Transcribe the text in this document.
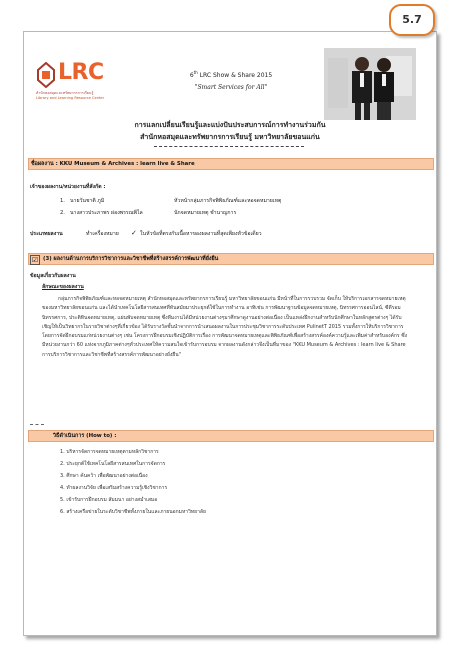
5.7
LRC
สำนักหอสมุดและทรัพยากรการเรียนรู้
Library and Learning Resource Center
6th LRC Show & Share 2015
"Smart Services for All"
การแลกเปลี่ยนเรียนรู้และแบ่งปันประสบการณ์การทำงานร่วมกัน
สำนักหอสมุดและทรัพยากรการเรียนรู้ มหาวิทยาลัยขอนแก่น
ชื่อผลงาน : KKU Museum & Archives : learn live & Share
เจ้าของผลงาน/หน่วยงานที่สังกัด :
1. นายวันชาติ ภูมิ	หัวหน้ากลุ่มภารกิจพิพิธภัณฑ์และหอจดหมายเหตุ
2. นางสาวประภาพร ผ่องพรรณพิไล	นักจดหมายเหตุ ชำนาญการ
ประเภทผลงาน	ทำเครื่องหมาย ✓ ในหัวข้อที่ตรงกับเนื้อหาของผลงานที่สุดเพียงหัวข้อเดียว
(3) ผลงานด้านการบริการวิชาการและวิชาชีพที่สร้างสรรค์การพัฒนาที่ยั่งยืน
☑
ข้อมูลเกี่ยวกับผลงาน
ลักษณะของผลงาน
กลุ่มภารกิจพิพิธภัณฑ์และหอจดหมายเหตุ สำนักหอสมุดและทรัพยากรการเรียนรู้ มหาวิทยาลัยขอนแก่น มีหน้าที่ในการรวบรวม จัดเก็บ ให้บริการเอกสารจดหมายเหตุของมหาวิทยาลัยขอนแก่น และได้นำเทคโนโลยีสารสนเทศที่ทันสมัยมาประยุกต์ใช้ในการทำงาน อาทิเช่น การพัฒนาฐานข้อมูลจดหมายเหตุ, นิทรรศการออนไลน์, ซีดีรอมนิทรรศการ, ประติทินจดหมายเหตุ, แผ่นพับจดหมายเหตุ ซึ่งทีมงานได้มีหน่วยงานต่างๆมาศึกษาดูงานอย่างต่อเนื่อง เป็นแหล่งฝึกงานสำหรับนักศึกษาในหลักสูตรต่างๆ ได้รับเชิญให้เป็นวิทยากรในรายวิชาต่างๆที่เกี่ยวข้อง ได้รับรางวัลชั้นนำจากการนำเสนอผลงานในการประชุมวิชาการระดับประเทศ PulinetT 2015 รวมทั้งการให้บริการวิชาการโดยการจัดฝึกอบรมแก่หน่วยงานต่างๆ เช่น โครงการฝึกอบรมเชิงปฏิบัติการเรื่อง การพัฒนาจดหมายเหตุและพิพิธภัณฑ์เพื่อสร้างสรรค์องค์ความรู้และเพิ่มค่าสำหรับองค์กร ซึ่งมีหน่วยงานกว่า 60 แห่งจากภูมิภาคต่างๆทั่วประเทศให้ความสนใจเข้ารับการอบรม จากผลงานดังกล่าวจึงเป็นที่มาของ "KKU Museum & Archives : learn live & Share การบริการวิชาการและวิชาชีพที่สร้างสรรค์การพัฒนาอย่างยั่งยืน"
วิธีดำเนินการ (How to) :
1. บริหารจัดการจดหมายเหตุตามหลักวิชาการ
2. ประยุกต์ใช้เทคโนโลยีสารสนเทศในการจัดการ
3. ศึกษา ค้นคว้า เพื่อพัฒนาอย่างต่อเนื่อง
4. ทำผลงานวิจัย เพื่อเสริมสร้างความรู้เชิงวิชาการ
5. เข้ารับการฝึกอบรม สัมมนา อย่างสม่ำเสมอ
6. สร้างเครือข่ายในระดับวิชาชีพทั้งภายในและภายนอกมหาวิทยาลัย
